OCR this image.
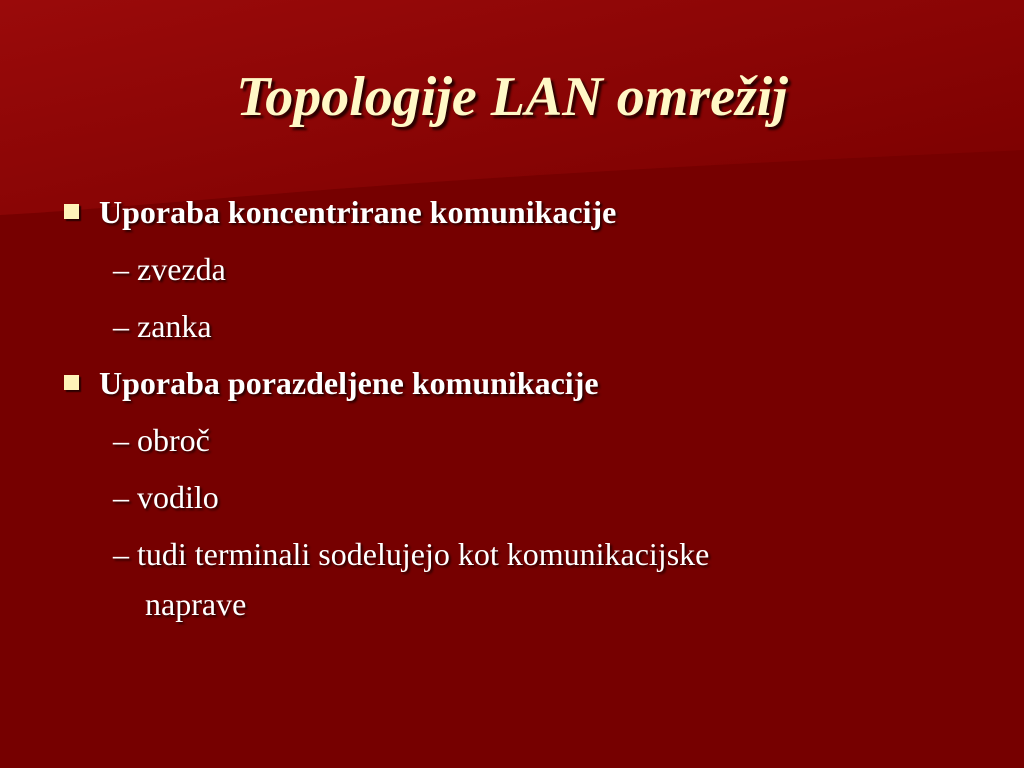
Topologije LAN omrežij
Uporaba koncentrirane komunikacije
– zvezda
– zanka
Uporaba porazdeljene komunikacije
– obroč
– vodilo
– tudi terminali sodelujejo kot komunikacijske
naprave
